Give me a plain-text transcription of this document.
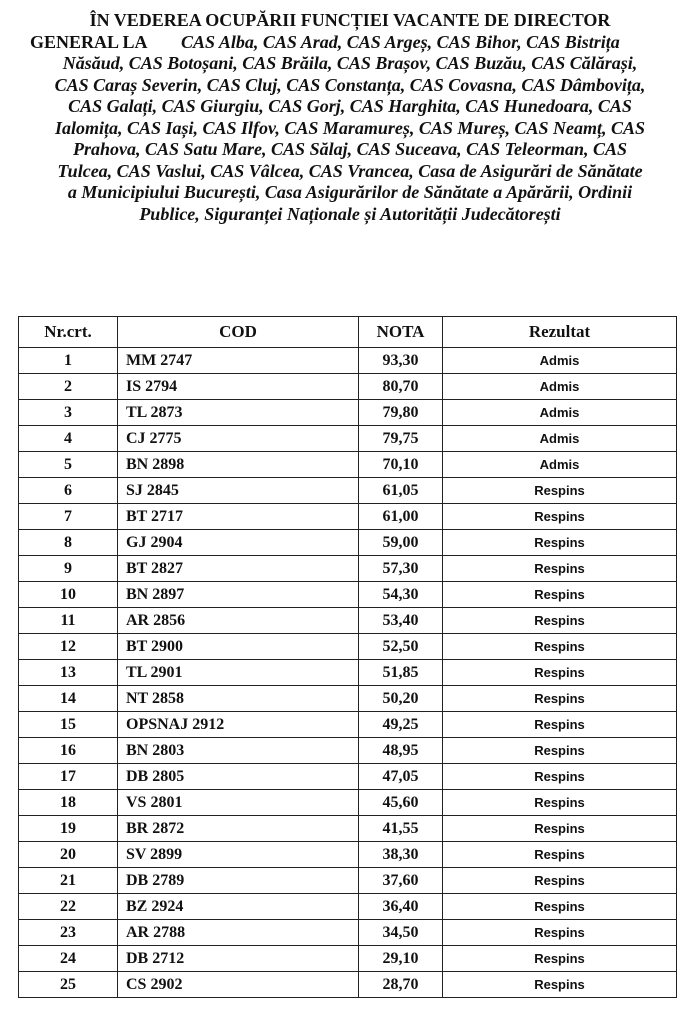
ÎN VEDEREA OCUPĂRII FUNCȚIEI VACANTE DE DIRECTOR
GENERAL LA CAS Alba, CAS Arad, CAS Argeș, CAS Bihor, CAS Bistrița
Năsăud, CAS Botoșani, CAS Brăila, CAS Brașov, CAS Buzău, CAS Călărași,
CAS Caraș Severin, CAS Cluj, CAS Constanța, CAS Covasna, CAS Dâmbovița,
CAS Galați, CAS Giurgiu, CAS Gorj, CAS Harghita, CAS Hunedoara, CAS
Ialomița, CAS Iași, CAS Ilfov, CAS Maramureș, CAS Mureș, CAS Neamț, CAS
Prahova, CAS Satu Mare, CAS Sălaj, CAS Suceava, CAS Teleorman, CAS
Tulcea, CAS Vaslui, CAS Vâlcea, CAS Vrancea, Casa de Asigurări de Sănătate
a Municipiului București, Casa Asigurărilor de Sănătate a Apărării, Ordinii
Publice, Siguranței Naționale și Autorității Judecătorești
Nr.crt.	COD	NOTA	Rezultat
1	MM 2747	93,30	Admis
2	IS 2794	80,70	Admis
3	TL 2873	79,80	Admis
4	CJ 2775	79,75	Admis
5	BN 2898	70,10	Admis
6	SJ 2845	61,05	Respins
7	BT 2717	61,00	Respins
8	GJ 2904	59,00	Respins
9	BT 2827	57,30	Respins
10	BN 2897	54,30	Respins
11	AR 2856	53,40	Respins
12	BT 2900	52,50	Respins
13	TL 2901	51,85	Respins
14	NT 2858	50,20	Respins
15	OPSNAJ 2912	49,25	Respins
16	BN 2803	48,95	Respins
17	DB 2805	47,05	Respins
18	VS 2801	45,60	Respins
19	BR 2872	41,55	Respins
20	SV 2899	38,30	Respins
21	DB 2789	37,60	Respins
22	BZ 2924	36,40	Respins
23	AR 2788	34,50	Respins
24	DB 2712	29,10	Respins
25	CS 2902	28,70	Respins
